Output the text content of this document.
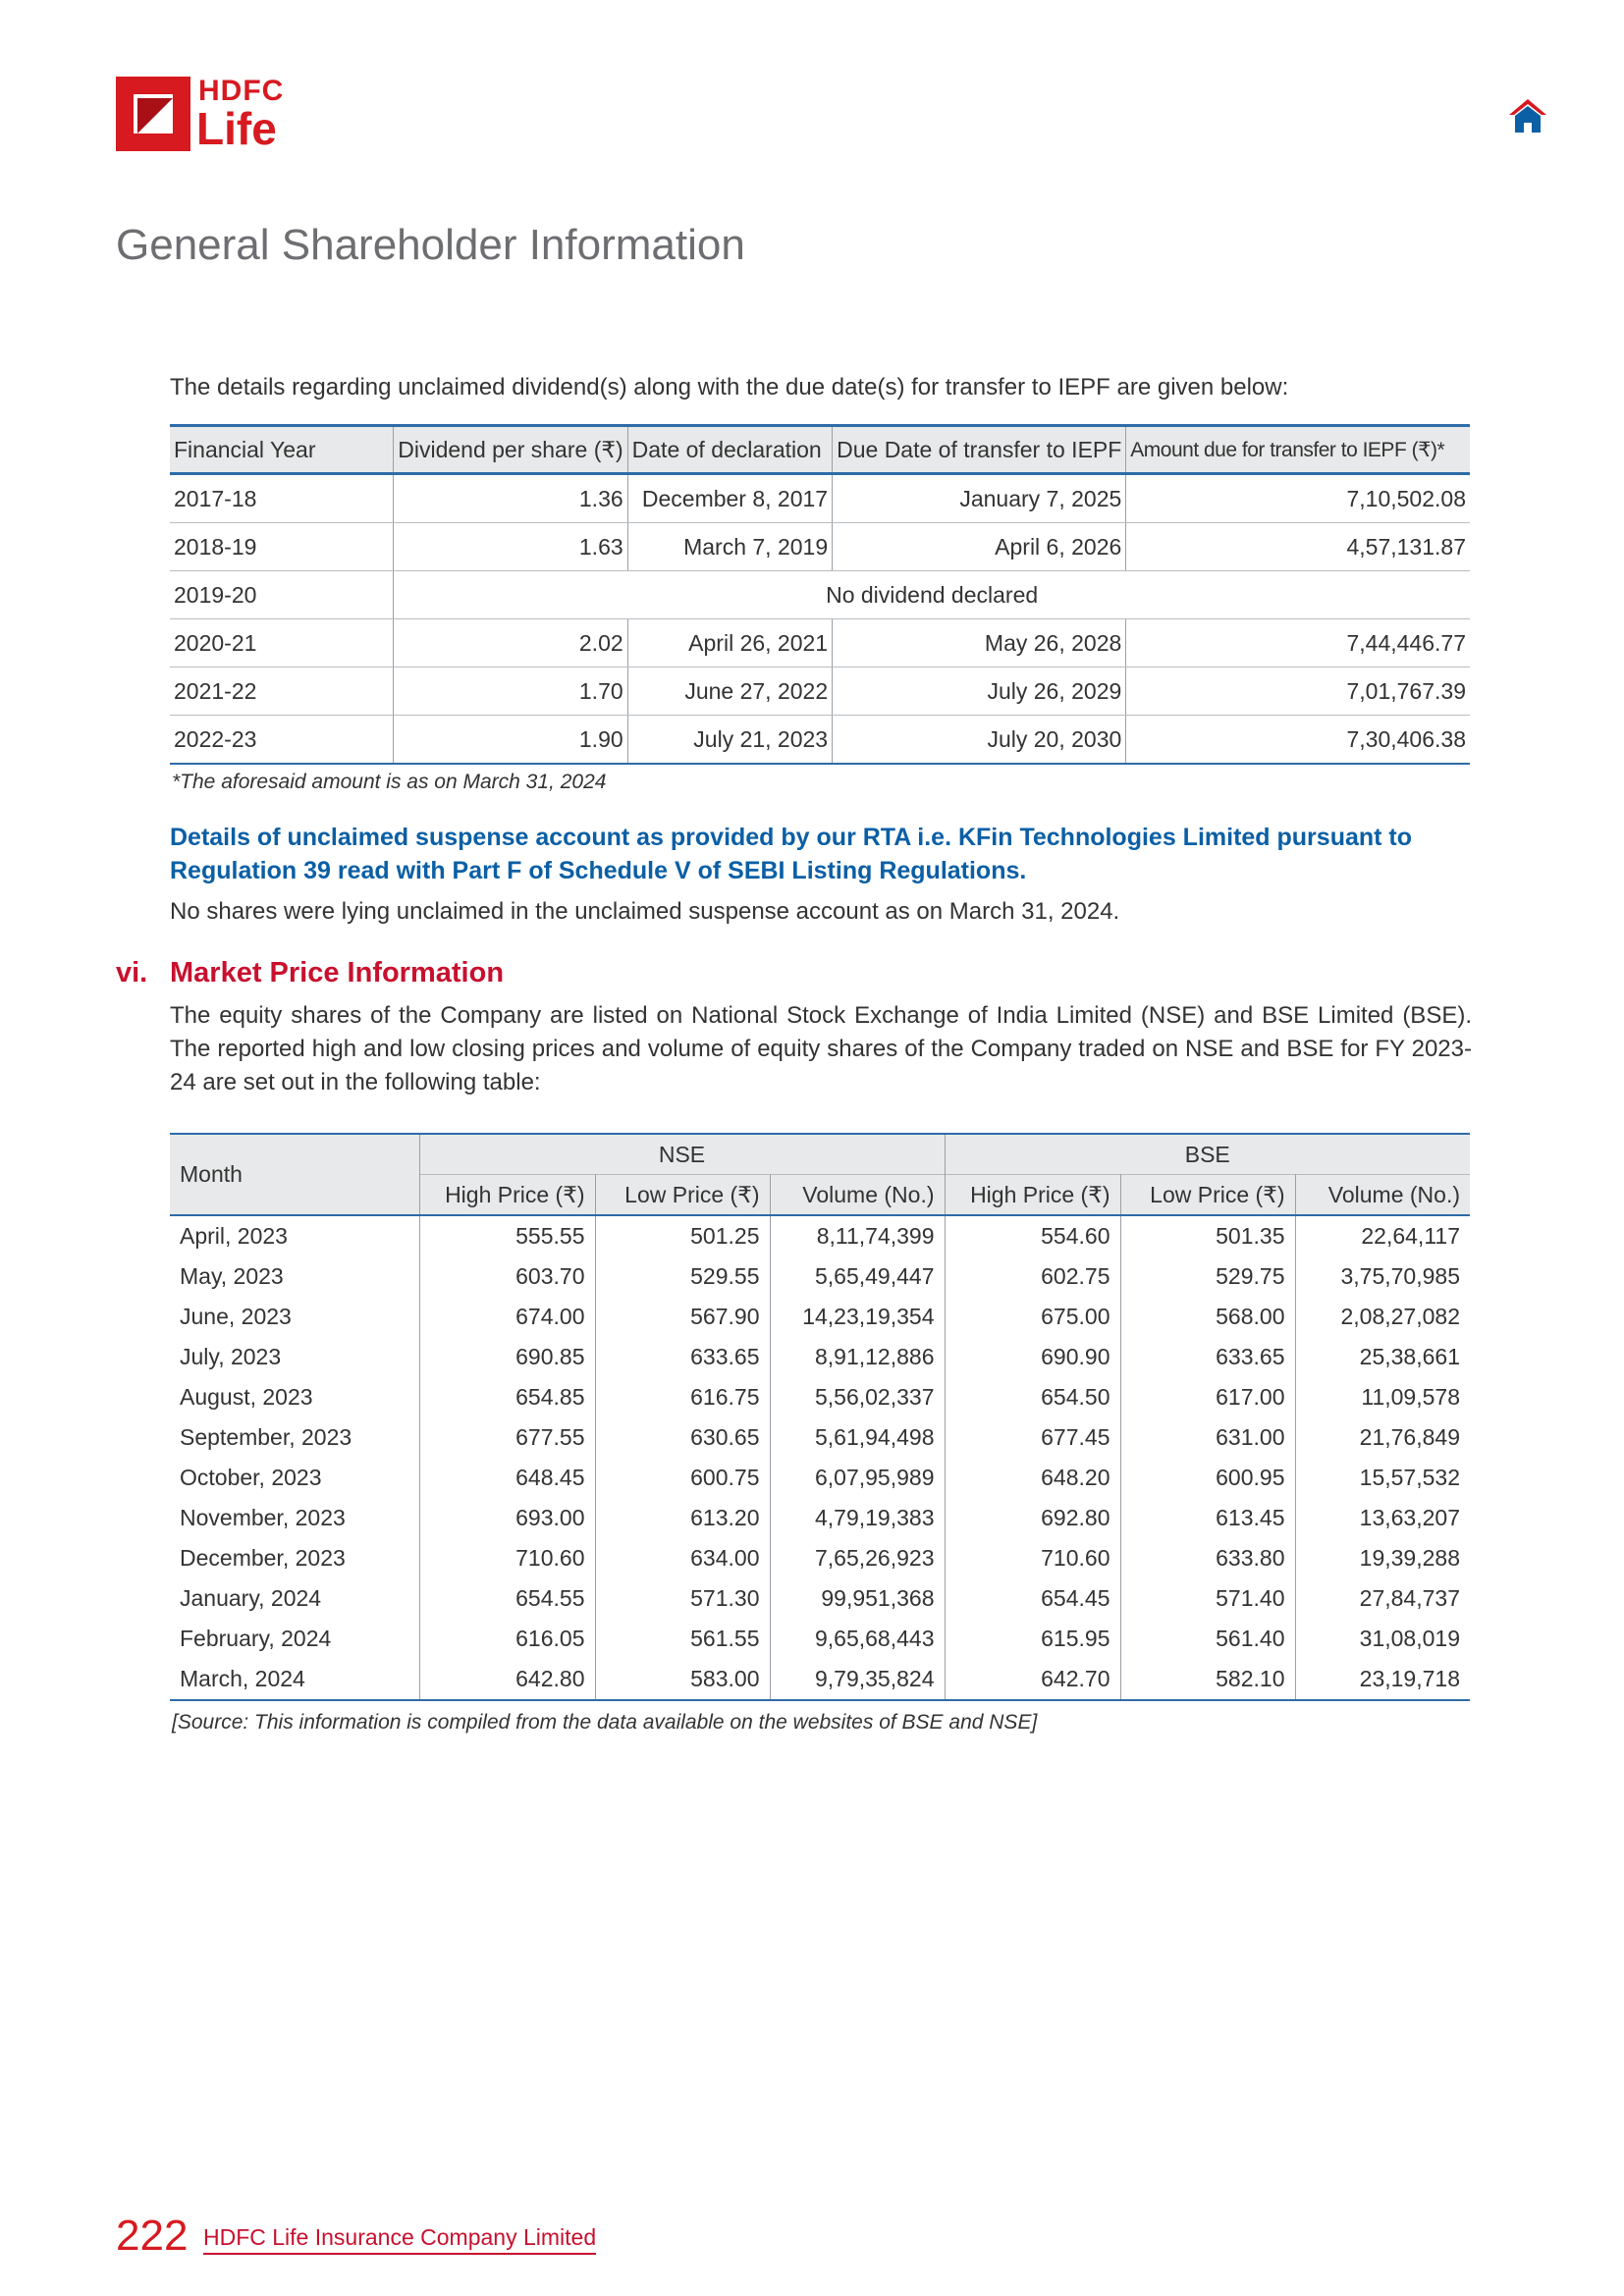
HDFC
Life
General Shareholder Information

The details regarding unclaimed dividend(s) along with the due date(s) for transfer to IEPF are given below:

Financial Year	Dividend per share (₹)	Date of declaration	Due Date of transfer to IEPF	Amount due for transfer to IEPF (₹)*
2017-18	1.36	December 8, 2017	January 7, 2025	7,10,502.08
2018-19	1.63	March 7, 2019	April 6, 2026	4,57,131.87
2019-20	No dividend declared			
2020-21	2.02	April 26, 2021	May 26, 2028	7,44,446.77
2021-22	1.70	June 27, 2022	July 26, 2029	7,01,767.39
2022-23	1.90	July 21, 2023	July 20, 2030	7,30,406.38

*The aforesaid amount is as on March 31, 2024

Details of unclaimed suspense account as provided by our RTA i.e. KFin Technologies Limited pursuant to Regulation 39 read with Part F of Schedule V of SEBI Listing Regulations.

No shares were lying unclaimed in the unclaimed suspense account as on March 31, 2024.

vi. Market Price Information

The equity shares of the Company are listed on National Stock Exchange of India Limited (NSE) and BSE Limited (BSE). The reported high and low closing prices and volume of equity shares of the Company traded on NSE and BSE for FY 2023-24 are set out in the following table:

Month	NSE			BSE		
	High Price (₹)	Low Price (₹)	Volume (No.)	High Price (₹)	Low Price (₹)	Volume (No.)
April, 2023	555.55	501.25	8,11,74,399	554.60	501.35	22,64,117
May, 2023	603.70	529.55	5,65,49,447	602.75	529.75	3,75,70,985
June, 2023	674.00	567.90	14,23,19,354	675.00	568.00	2,08,27,082
July, 2023	690.85	633.65	8,91,12,886	690.90	633.65	25,38,661
August, 2023	654.85	616.75	5,56,02,337	654.50	617.00	11,09,578
September, 2023	677.55	630.65	5,61,94,498	677.45	631.00	21,76,849
October, 2023	648.45	600.75	6,07,95,989	648.20	600.95	15,57,532
November, 2023	693.00	613.20	4,79,19,383	692.80	613.45	13,63,207
December, 2023	710.60	634.00	7,65,26,923	710.60	633.80	19,39,288
January, 2024	654.55	571.30	99,951,368	654.45	571.40	27,84,737
February, 2024	616.05	561.55	9,65,68,443	615.95	561.40	31,08,019
March, 2024	642.80	583.00	9,79,35,824	642.70	582.10	23,19,718

[Source: This information is compiled from the data available on the websites of BSE and NSE]

222 HDFC Life Insurance Company Limited
